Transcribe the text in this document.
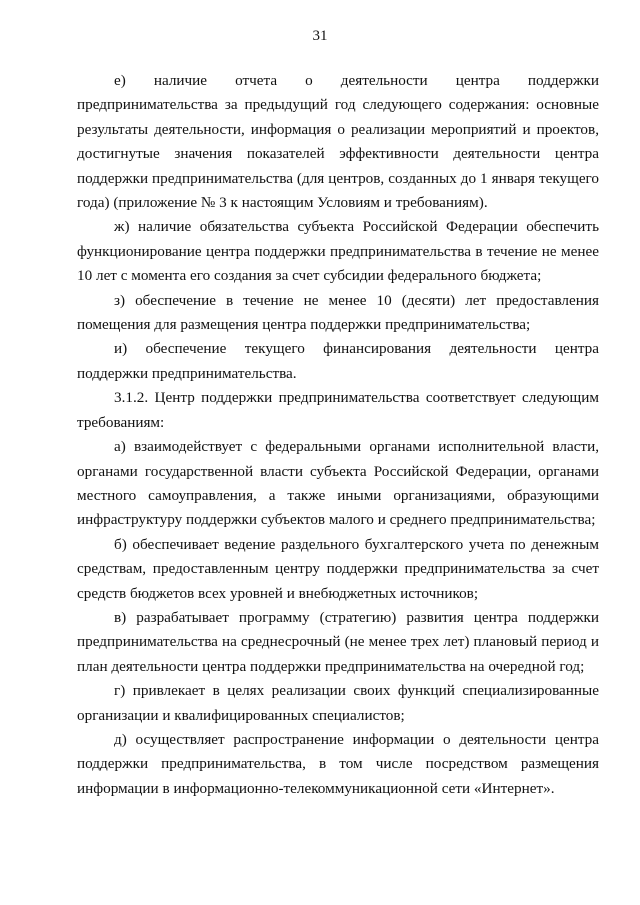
31

е) наличие отчета о деятельности центра поддержки
предпринимательства за предыдущий год следующего содержания: основные
результаты деятельности, информация о реализации мероприятий и проектов,
достигнутые значения показателей эффективности деятельности центра
поддержки предпринимательства (для центров, созданных до 1 января текущего
года) (приложение № 3 к настоящим Условиям и требованиям).

ж) наличие обязательства субъекта Российской Федерации обеспечить
функционирование центра поддержки предпринимательства в течение не менее
10 лет с момента его создания за счет субсидии федерального бюджета;

з) обеспечение в течение не менее 10 (десяти) лет предоставления
помещения для размещения центра поддержки предпринимательства;

и) обеспечение текущего финансирования деятельности центра
поддержки предпринимательства.

3.1.2. Центр поддержки предпринимательства соответствует следующим
требованиям:

а) взаимодействует с федеральными органами исполнительной власти,
органами государственной власти субъекта Российской Федерации, органами
местного самоуправления, а также иными организациями, образующими
инфраструктуру поддержки субъектов малого и среднего предпринимательства;

б) обеспечивает ведение раздельного бухгалтерского учета по денежным
средствам, предоставленным центру поддержки предпринимательства за счет
средств бюджетов всех уровней и внебюджетных источников;

в) разрабатывает программу (стратегию) развития центра поддержки
предпринимательства на среднесрочный (не менее трех лет) плановый период и
план деятельности центра поддержки предпринимательства на очередной год;

г) привлекает в целях реализации своих функций специализированные
организации и квалифицированных специалистов;

д) осуществляет распространение информации о деятельности центра
поддержки предпринимательства, в том числе посредством размещения
информации в информационно-телекоммуникационной сети «Интернет».
